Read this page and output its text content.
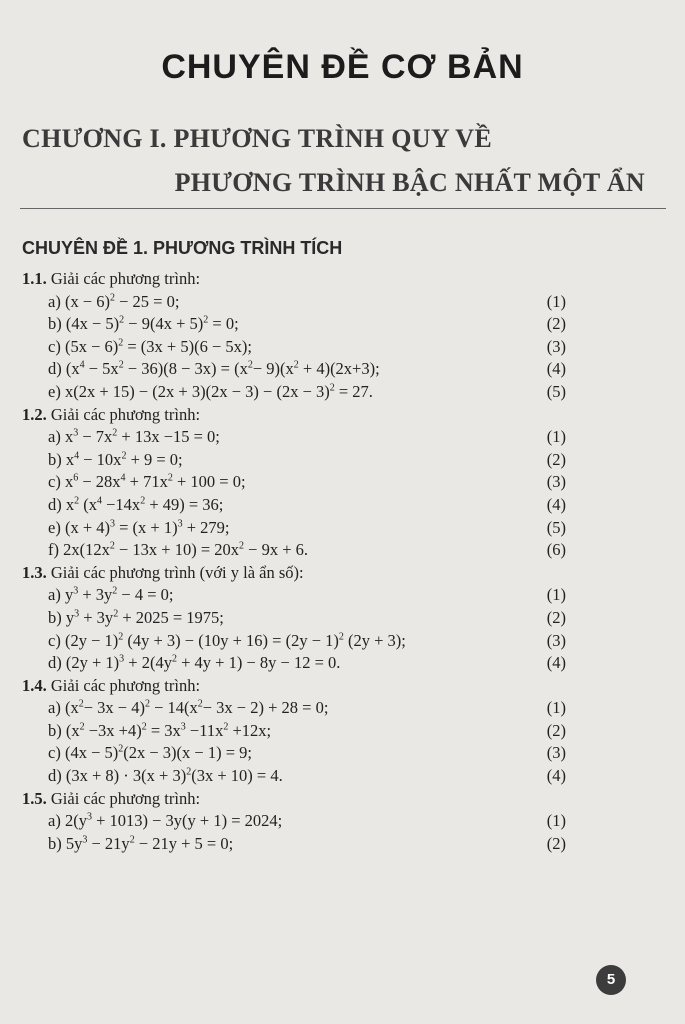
CHUYÊN ĐỀ CƠ BẢN
CHƯƠNG I. PHƯƠNG TRÌNH QUY VỀ
PHƯƠNG TRÌNH BẬC NHẤT MỘT ẨN
CHUYÊN ĐỀ 1. PHƯƠNG TRÌNH TÍCH
1.1. Giải các phương trình:
a) $(x - 6)^2 - 25 = 0$;	(1)
b) $(4x - 5)^2 - 9(4x + 5)^2 = 0$;	(2)
c) $(5x - 6)^2 = (3x + 5)(6 - 5x)$;	(3)
d) $(x^4 - 5x^2 - 36)(8 - 3x) = (x^2- 9)(x^2 + 4)(2x+3)$;	(4)
e) $x(2x + 15) - (2x + 3)(2x - 3) - (2x - 3)^2 = 27$.	(5)
1.2. Giải các phương trình:
a) $x^3 - 7x^2 + 13x -15 = 0$;	(1)
b) $x^4 - 10x^2 + 9 = 0$;	(2)
c) $x^6 - 28x^4 + 71x^2 + 100 = 0$;	(3)
d) $x^2$ $(x^4 -14x^2 + 49) = 36$;	(4)
e) $(x + 4)^3 = (x + 1)^3 + 279$;	(5)
f) $2x(12x^2 - 13x + 10) = 20x^2 - 9x + 6$.	(6)
1.3. Giải các phương trình (với y là ẩn số):
a) $y^3 + 3y^2 - 4 = 0$;	(1)
b) $y^3 + 3y^2 + 2025 = 1975$;	(2)
c) $(2y - 1)^2$ $(4y + 3) - (10y + 16) = (2y - 1)^2$ (2y + 3);	(3)
d) $(2y + 1)^3 + 2(4y^2 + 4y + 1) - 8y - 12 = 0$.	(4)
1.4. Giải các phương trình:
a) $(x^2- 3x - 4)^2 - 14(x^2- 3x - 2) + 28 = 0$;	(1)
b) $(x^2 -3x +4)^2 = 3x^3 -11x^2 +12x$;	(2)
c) $(4x - 5)^2(2x - 3)(x - 1) = 9$;	(3)
d) $(3x + 8) \cdot 3(x + 3)^2(3x + 10) = 4$.	(4)
1.5. Giải các phương trình:
a) $2(y^3 + 1013) - 3y(y + 1) = 2024$;	(1)
b) $5y^3 - 21y^2 - 21y + 5 = 0$;	(2)
5
